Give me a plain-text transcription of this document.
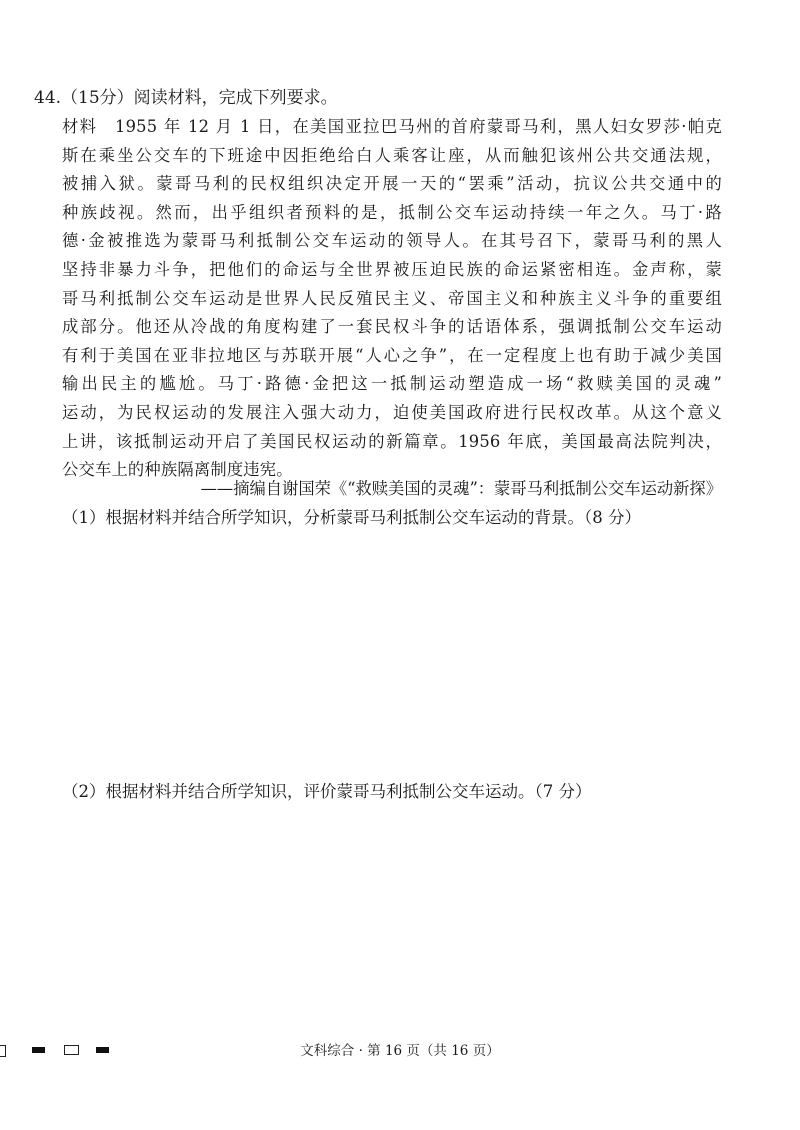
44.（15分）阅读材料，完成下列要求。
材料　1955 年 12 月 1 日，在美国亚拉巴马州的首府蒙哥马利，黑人妇女罗莎·帕克
斯在乘坐公交车的下班途中因拒绝给白人乘客让座，从而触犯该州公共交通法规，
被捕入狱。蒙哥马利的民权组织决定开展一天的“罢乘”活动，抗议公共交通中的
种族歧视。然而，出乎组织者预料的是，抵制公交车运动持续一年之久。马丁·路
德·金被推选为蒙哥马利抵制公交车运动的领导人。在其号召下，蒙哥马利的黑人
坚持非暴力斗争，把他们的命运与全世界被压迫民族的命运紧密相连。金声称，蒙
哥马利抵制公交车运动是世界人民反殖民主义、帝国主义和种族主义斗争的重要组
成部分。他还从冷战的角度构建了一套民权斗争的话语体系，强调抵制公交车运动
有利于美国在亚非拉地区与苏联开展“人心之争”，在一定程度上也有助于减少美国
输出民主的尴尬。马丁·路德·金把这一抵制运动塑造成一场“救赎美国的灵魂”
运动，为民权运动的发展注入强大动力，迫使美国政府进行民权改革。从这个意义
上讲，该抵制运动开启了美国民权运动的新篇章。1956 年底，美国最高法院判决，
公交车上的种族隔离制度违宪。
——摘编自谢国荣《“救赎美国的灵魂”：蒙哥马利抵制公交车运动新探》
（1）根据材料并结合所学知识，分析蒙哥马利抵制公交车运动的背景。（8 分）
（2）根据材料并结合所学知识，评价蒙哥马利抵制公交车运动。（7 分）
文科综合 · 第 16 页（共 16 页）
